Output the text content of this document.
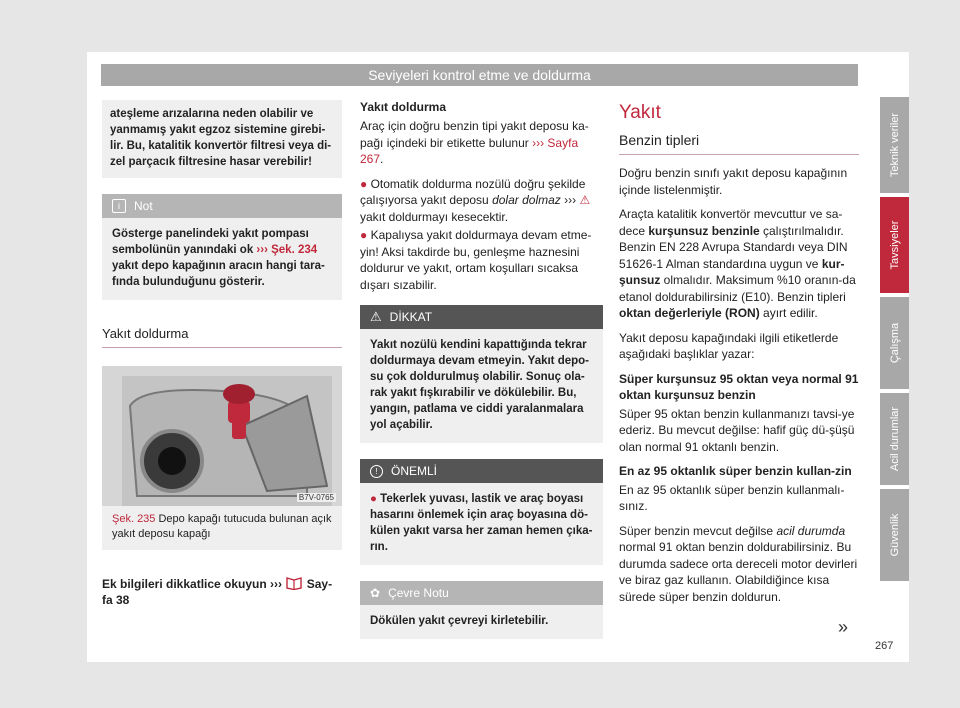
Seviyeleri kontrol etme ve doldurma
ateşleme arızalarına neden olabilir ve yanmamış yakıt egzoz sistemine girebi-lir. Bu, katalitik konvertör filtresi veya di-zel parçacık filtresine hasar verebilir!
i	Not
Gösterge panelindeki yakıt pompası sembolünün yanındaki ok ››› Şek. 234 yakıt depo kapağının aracın hangi tara-fında bulunduğunu gösterir.
Yakıt doldurma
B7V-0765
Şek. 235 Depo kapağı tutucuda bulunan açık yakıt deposu kapağı
Ek bilgileri dikkatlice okuyun ›››  Say-fa 38
Yakıt doldurma

Araç için doğru benzin tipi yakıt deposu ka-pağı içindeki bir etikette bulunur ››› Sayfa 267.

● Otomatik doldurma nozülü doğru şekilde çalışıyorsa yakıt deposu dolar dolmaz ››› ⚠ yakıt doldurmayı kesecektir.

● Kapalıysa yakıt doldurmaya devam etme-yin! Aksi takdirde bu, genleşme haznesini doldurur ve yakıt, ortam koşulları sıcaksa dışarı sızabilir.

⚠ DİKKAT
Yakıt nozülü kendini kapattığında tekrar doldurmaya devam etmeyin. Yakıt depo-su çok doldurulmuş olabilir. Sonuç ola-rak yakıt fışkırabilir ve dökülebilir. Bu, yangın, patlama ve ciddi yaralanmalara yol açabilir.
!	ÖNEMLİ
● Tekerlek yuvası, lastik ve araç boyası hasarını önlemek için araç boyasına dö-külen yakıt varsa her zaman hemen çıka-rın.
✿ Çevre Notu
Dökülen yakıt çevreyi kirletebilir.
Yakıt
Benzin tipleri

Doğru benzin sınıfı yakıt deposu kapağının içinde listelenmiştir.

Araçta katalitik konvertör mevcuttur ve sa-dece kurşunsuz benzinle çalıştırılmalıdır. Benzin EN 228 Avrupa Standardı veya DIN 51626-1 Alman standardına uygun ve kur-şunsuz olmalıdır. Maksimum %10 oranın-da etanol doldurabilirsiniz (E10). Benzin tipleri oktan değerleriyle (RON) ayırt edilir.

Yakıt deposu kapağındaki ilgili etiketlerde aşağıdaki başlıklar yazar:

Süper kurşunsuz 95 oktan veya normal 91 oktan kurşunsuz benzin

Süper 95 oktan benzin kullanmanızı tavsi-ye ederiz. Bu mevcut değilse: hafif güç dü-şüşü olan normal 91 oktanlı benzin.

En az 95 oktanlık süper benzin kullan-zin

En az 95 oktanlık süper benzin kullanmalı-sınız.

Süper benzin mevcut değilse acil durumda normal 91 oktan benzin doldurabilirsiniz. Bu durumda sadece orta dereceli motor devirleri ve biraz gaz kullanın. Olabildiğince kısa sürede süper benzin doldurun.

Teknik veriler
Tavsiyeler
Çalışma
Acil durumlar
Güvenlik
»
267
